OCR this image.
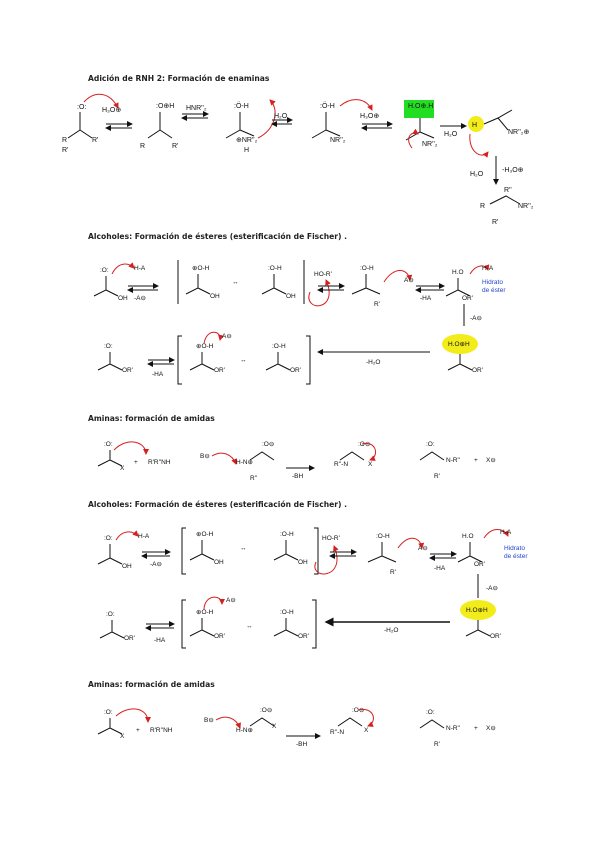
Adición de RNH 2: Formación de enaminas
R
:O:
R'
R'
H₃O⊕
:O⊕H
R	R'
HNR''₂	:Ö-H
⊕NR''₂
H
H₂O
:Ö-H
NR''₂
H₃O⊕
H.O⊕.H
NR''₂
H₂O
H
NR''₂⊕
H₂O
-H₃O⊕
R''
NR''₂
R
R'
Alcoholes: Formación de ésteres (esterificación de Fischer) .
:O:	H-A
OH -A⊖
⊕O-H
OH
↔
:O-H
OH
HO-R'
:O-H
R'
A⊖
-HA
H.O
OR'
H-A
Hidrato
de éster
-A⊖
:O:
OR'
-HA
⊕O-H
A⊖
OR'
↔
:O-H
OR'
-H₂O
H.O⊕H
OR'
Aminas: formación de amidas
:O:
X
+ R'R''NH
B⊖
:O⊖
H-N⊕
R''	-BH
:O⊖
R''-N	X
:O:
N-R''
R'
+ X⊖
Alcoholes: Formación de ésteres (esterificación de Fischer) .
:O:	H-A
OH	-A⊖
⊕O-H
OH
↔
:O-H
OH
HO-R'	:O-H
R'
A⊖
-HA
H.O
OR'
H-A
Hidrato
de éster
-A⊖
:O:
OR'	-HA
⊕O-H
A⊖
OR'
↔
:O-H
OR'
-H₂O
H.O⊕H
OR'
Aminas: formación de amidas
:O:
X
+ R'R''NH
B⊖
:O⊖
H-N⊕
X
-BH
:O⊖
R''-N	X
:O:
N-R''
R'
+ X⊖
